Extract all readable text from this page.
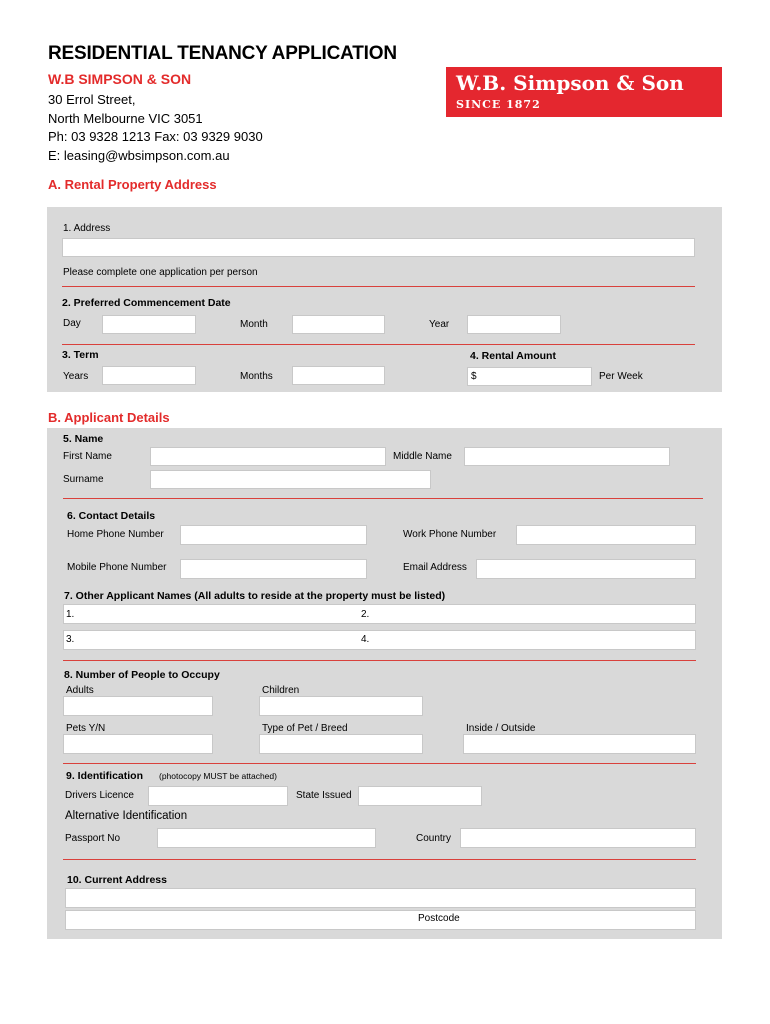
RESIDENTIAL TENANCY APPLICATION
W.B SIMPSON & SON
30 Errol Street,
North Melbourne VIC 3051
Ph: 03 9328 1213 Fax: 03 9329 9030
E: leasing@wbsimpson.com.au
W.B. Simpson & Son
SINCE 1872
A. Rental Property Address
1. Address
Please complete one application per person
2. Preferred Commencement Date
Day	Month	Year
3. Term	4. Rental Amount
Years	Months	$	Per Week
B. Applicant Details
5. Name
First Name	Middle Name
Surname
6. Contact Details
Home Phone Number	Work Phone Number
Mobile Phone Number	Email Address
7. Other Applicant Names (All adults to reside at the property must be listed)
1.	2.
3.	4.
8. Number of People to Occupy
Adults	Children
Pets Y/N	Type of Pet / Breed	Inside / Outside
9. Identification (photocopy MUST be attached)
Drivers Licence	State Issued
Alternative Identification
Passport No	Country
10. Current Address
Postcode
